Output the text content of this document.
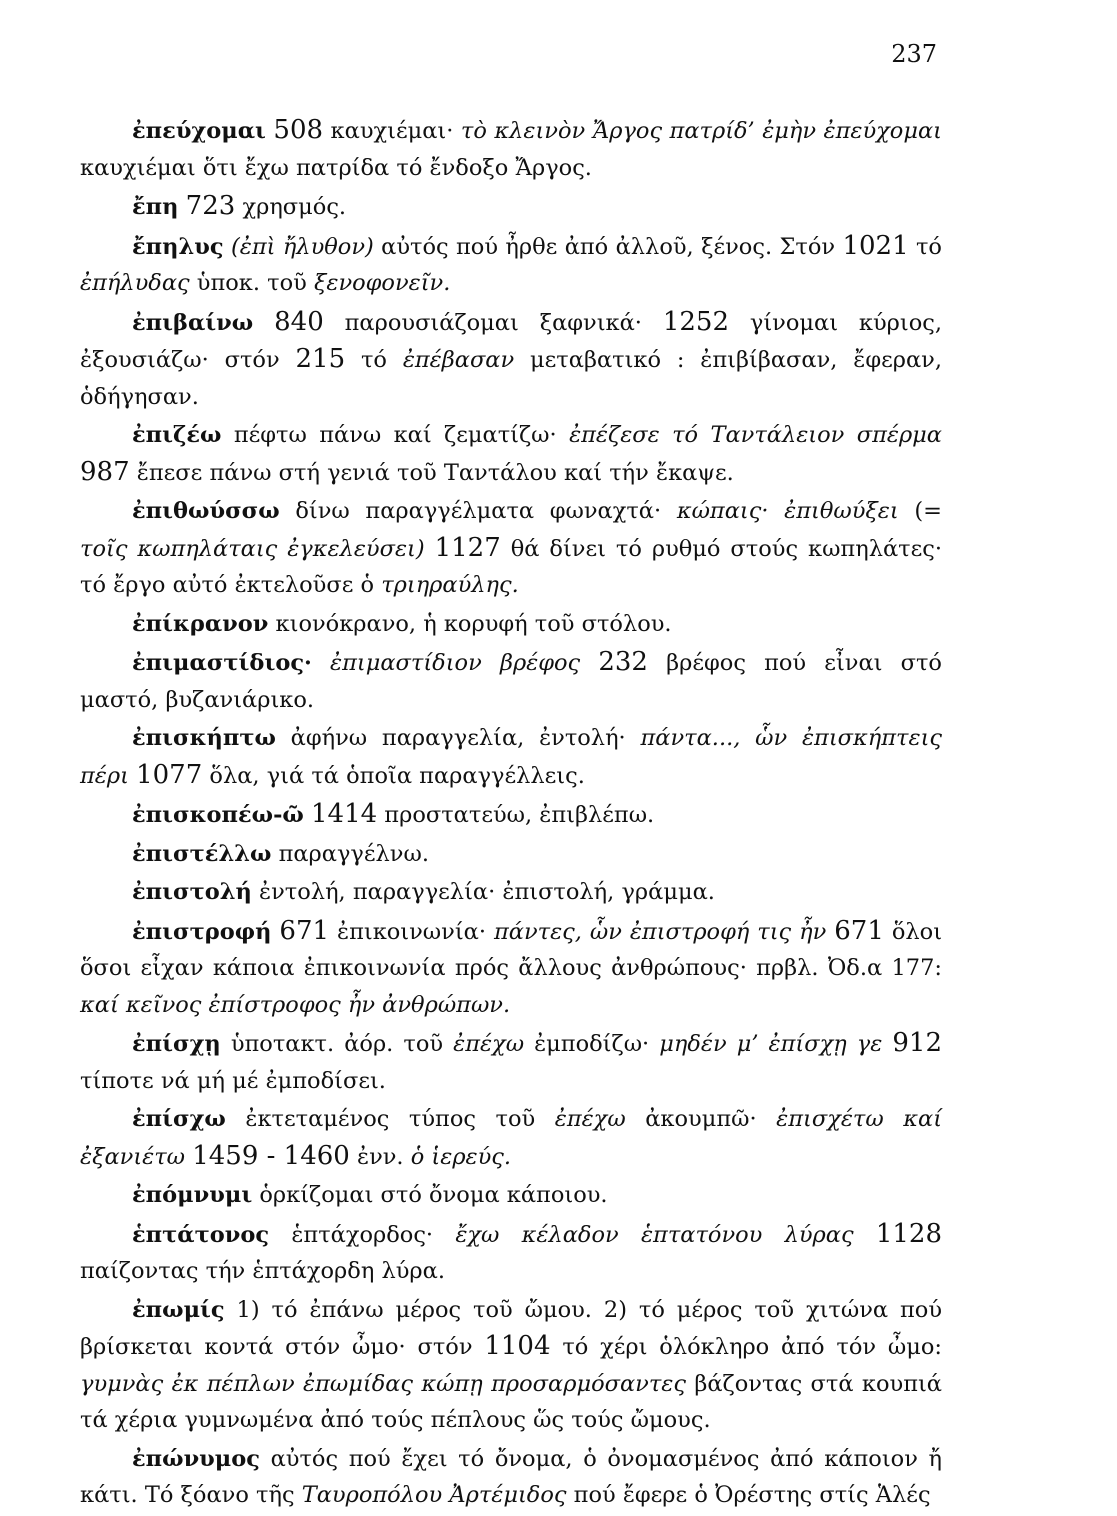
237

ἐπεύχομαι 508 καυχιέμαι· τὸ κλεινὸν Ἄργος πατρίδ’ ἐμὴν ἐπεύχομαι καυχιέμαι ὅτι ἔχω πατρίδα τό ἔνδοξο Ἄργος.

ἔπη 723 χρησμός.

ἔπηλυς (ἐπὶ ἤλυθον) αὐτός πού ἦρθε ἀπό ἀλλοῦ, ξένος. Στόν 1021 τό ἐπήλυδας ὑποκ. τοῦ ξενοφονεῖν.

ἐπιβαίνω 840 παρουσιάζομαι ξαφνικά· 1252 γίνομαι κύριος, ἐξουσιάζω· στόν 215 τό ἐπέβασαν μεταβατικό : ἐπιβίβασαν, ἔφεραν, ὁδήγησαν.

ἐπιζέω πέφτω πάνω καί ζεματίζω· ἐπέζεσε τό Ταντάλειον σπέρμα 987 ἔπεσε πάνω στή γενιά τοῦ Ταντάλου καί τήν ἔκαψε.

ἐπιθωύσσω δίνω παραγγέλματα φωναχτά· κώπαις· ἐπιθωύξει (= τοῖς κωπηλάταις ἐγκελεύσει) 1127 θά δίνει τό ρυθμό στούς κωπηλάτες· τό ἔργο αὐτό ἐκτελοῦσε ὁ τριηραύλης.

ἐπίκρανον κιονόκρανο, ἡ κορυφή τοῦ στόλου.

ἐπιμαστίδιος· ἐπιμαστίδιον βρέφος 232 βρέφος πού εἶναι στό μαστό, βυζανιάρικο.

ἐπισκήπτω ἀφήνω παραγγελία, ἐντολή· πάντα..., ὧν ἐπισκήπτεις πέρι 1077 ὅλα, γιά τά ὁποῖα παραγγέλλεις.

ἐπισκοπέω-ῶ 1414 προστατεύω, ἐπιβλέπω.

ἐπιστέλλω παραγγέλνω.

ἐπιστολή ἐντολή, παραγγελία· ἐπιστολή, γράμμα.

ἐπιστροφή 671 ἐπικοινωνία· πάντες, ὧν ἐπιστροφή τις ἦν 671 ὅλοι ὅσοι εἶχαν κάποια ἐπικοινωνία πρός ἄλλους ἀνθρώπους· πρβλ. Ὀδ.α 177: καί κεῖνος ἐπίστροφος ἦν ἀνθρώπων.

ἐπίσχῃ ὑποτακτ. ἀόρ. τοῦ ἐπέχω ἐμποδίζω· μηδέν μ’ ἐπίσχῃ γε 912 τίποτε νά μή μέ ἐμποδίσει.

ἐπίσχω ἐκτεταμένος τύπος τοῦ ἐπέχω ἀκουμπῶ· ἐπισχέτω καί ἐξανιέτω 1459 - 1460 ἐνν. ὁ ἱερεύς.

ἐπόμνυμι ὁρκίζομαι στό ὄνομα κάποιου.

ἑπτάτονος ἑπτάχορδος· ἔχω κέλαδον ἑπτατόνου λύρας 1128 παίζοντας τήν ἑπτάχορδη λύρα.

ἐπωμίς 1) τό ἐπάνω μέρος τοῦ ὤμου. 2) τό μέρος τοῦ χιτώνα πού βρίσκεται κοντά στόν ὦμο· στόν 1104 τό χέρι ὁλόκληρο ἀπό τόν ὦμο: γυμνὰς ἐκ πέπλων ἐπωμίδας κώπῃ προσαρμόσαντες βάζοντας στά κουπιά τά χέρια γυμνωμένα ἀπό τούς πέπλους ὥς τούς ὤμους.

ἐπώνυμος αὐτός πού ἔχει τό ὄνομα, ὁ ὀνομασμένος ἀπό κάποιον ἤ κάτι. Τό ξόανο τῆς Ταυροπόλου Ἀρτέμιδος πού ἔφερε ὁ Ὀρέστης στίς Ἁλές
